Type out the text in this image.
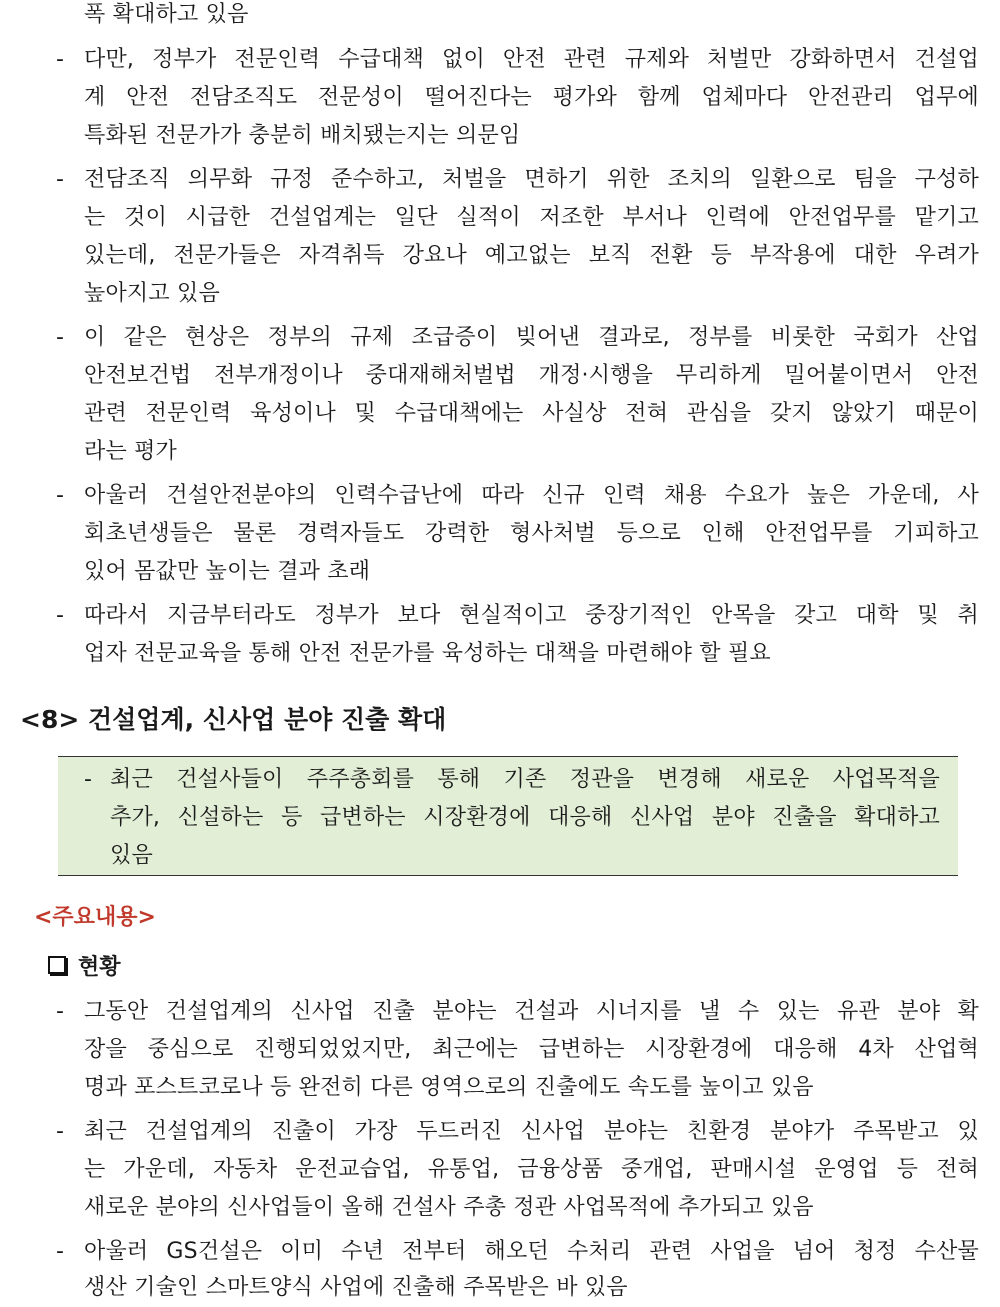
폭 확대하고 있음
- 다만, 정부가 전문인력 수급대책 없이 안전 관련 규제와 처벌만 강화하면서 건설업
계 안전 전담조직도 전문성이 떨어진다는 평가와 함께 업체마다 안전관리 업무에
특화된 전문가가 충분히 배치됐는지는 의문임
- 전담조직 의무화 규정 준수하고, 처벌을 면하기 위한 조치의 일환으로 팀을 구성하
는 것이 시급한 건설업계는 일단 실적이 저조한 부서나 인력에 안전업무를 맡기고
있는데, 전문가들은 자격취득 강요나 예고없는 보직 전환 등 부작용에 대한 우려가
높아지고 있음
- 이 같은 현상은 정부의 규제 조급증이 빚어낸 결과로, 정부를 비롯한 국회가 산업
안전보건법 전부개정이나 중대재해처벌법 개정·시행을 무리하게 밀어붙이면서 안전
관련 전문인력 육성이나 및 수급대책에는 사실상 전혀 관심을 갖지 않았기 때문이
라는 평가
- 아울러 건설안전분야의 인력수급난에 따라 신규 인력 채용 수요가 높은 가운데, 사
회초년생들은 물론 경력자들도 강력한 형사처벌 등으로 인해 안전업무를 기피하고
있어 몸값만 높이는 결과 초래
- 따라서 지금부터라도 정부가 보다 현실적이고 중장기적인 안목을 갖고 대학 및 취
업자 전문교육을 통해 안전 전문가를 육성하는 대책을 마련해야 할 필요
<8> 건설업계, 신사업 분야 진출 확대
- 최근 건설사들이 주주총회를 통해 기존 정관을 변경해 새로운 사업목적을
추가, 신설하는 등 급변하는 시장환경에 대응해 신사업 분야 진출을 확대하고
있음
<주요내용>
현황
- 그동안 건설업계의 신사업 진출 분야는 건설과 시너지를 낼 수 있는 유관 분야 확
장을 중심으로 진행되었었지만, 최근에는 급변하는 시장환경에 대응해 4차 산업혁
명과 포스트코로나 등 완전히 다른 영역으로의 진출에도 속도를 높이고 있음
- 최근 건설업계의 진출이 가장 두드러진 신사업 분야는 친환경 분야가 주목받고 있
는 가운데, 자동차 운전교습업, 유통업, 금융상품 중개업, 판매시설 운영업 등 전혀
새로운 분야의 신사업들이 올해 건설사 주총 정관 사업목적에 추가되고 있음
- 아울러 GS건설은 이미 수년 전부터 해오던 수처리 관련 사업을 넘어 청정 수산물
생산 기술인 스마트양식 사업에 진출해 주목받은 바 있음
